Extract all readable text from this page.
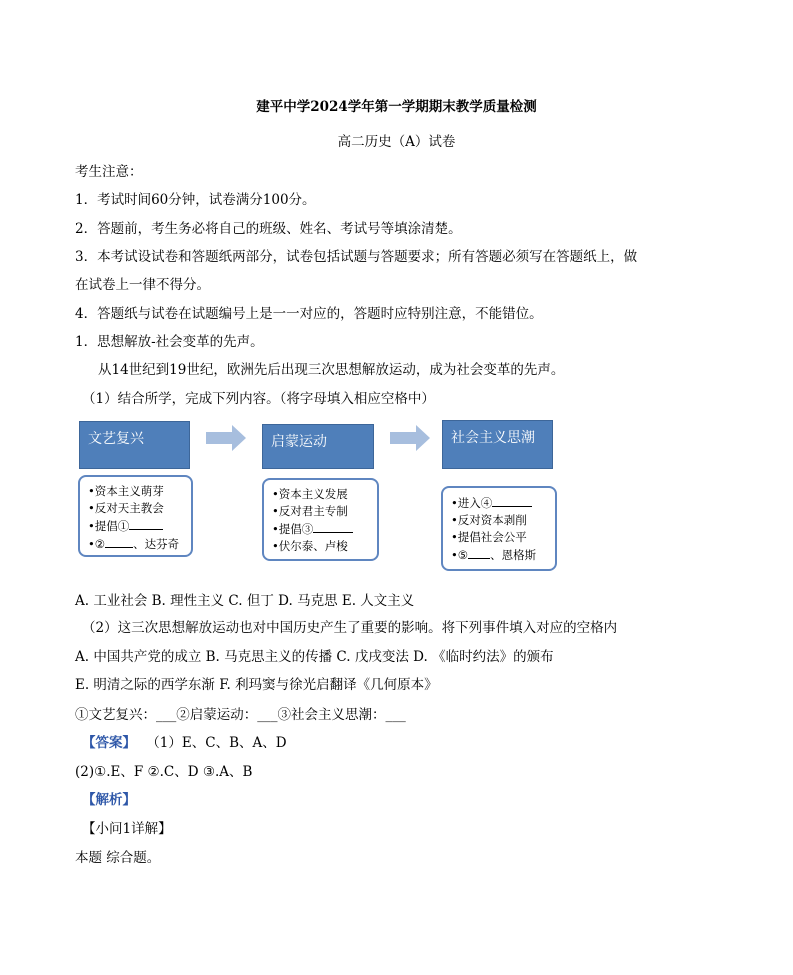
建平中学2024学年第一学期期末教学质量检测
高二历史（A）试卷
考生注意：
1．考试时间60分钟，试卷满分100分。
2．答题前，考生务必将自己的班级、姓名、考试号等填涂清楚。
3．本考试设试卷和答题纸两部分，试卷包括试题与答题要求；所有答题必须写在答题纸上，做
在试卷上一律不得分。
4．答题纸与试卷在试题编号上是一一对应的，答题时应特别注意，不能错位。
1．思想解放-社会变革的先声。
从14世纪到19世纪，欧洲先后出现三次思想解放运动，成为社会变革的先声。
（1）结合所学，完成下列内容。（将字母填入相应空格中）
文艺复兴	启蒙运动	社会主义思潮
•资本主义萌芽
•反对天主教会
•提倡①
•② 、达芬奇
•资本主义发展
•反对君主专制
•提倡③
•伏尔泰、卢梭
•进入④
•反对资本剥削
•提倡社会公平
•⑤ 、恩格斯
A. 工业社会 B. 理性主义 C. 但丁 D. 马克思 E. 人文主义
（2）这三次思想解放运动也对中国历史产生了重要的影响。将下列事件填入对应的空格内
A. 中国共产党的成立 B. 马克思主义的传播 C. 戊戌变法 D. 《临时约法》的颁布
E. 明清之际的西学东渐 F. 利玛窦与徐光启翻译《几何原本》
①文艺复兴：___②启蒙运动：___③社会主义思潮：___
【答案】 （1）E、C、B、A、D
(2)①.E、F ②.C、D ③.A、B
【解析】
【小问1详解】
本题 综合题。
